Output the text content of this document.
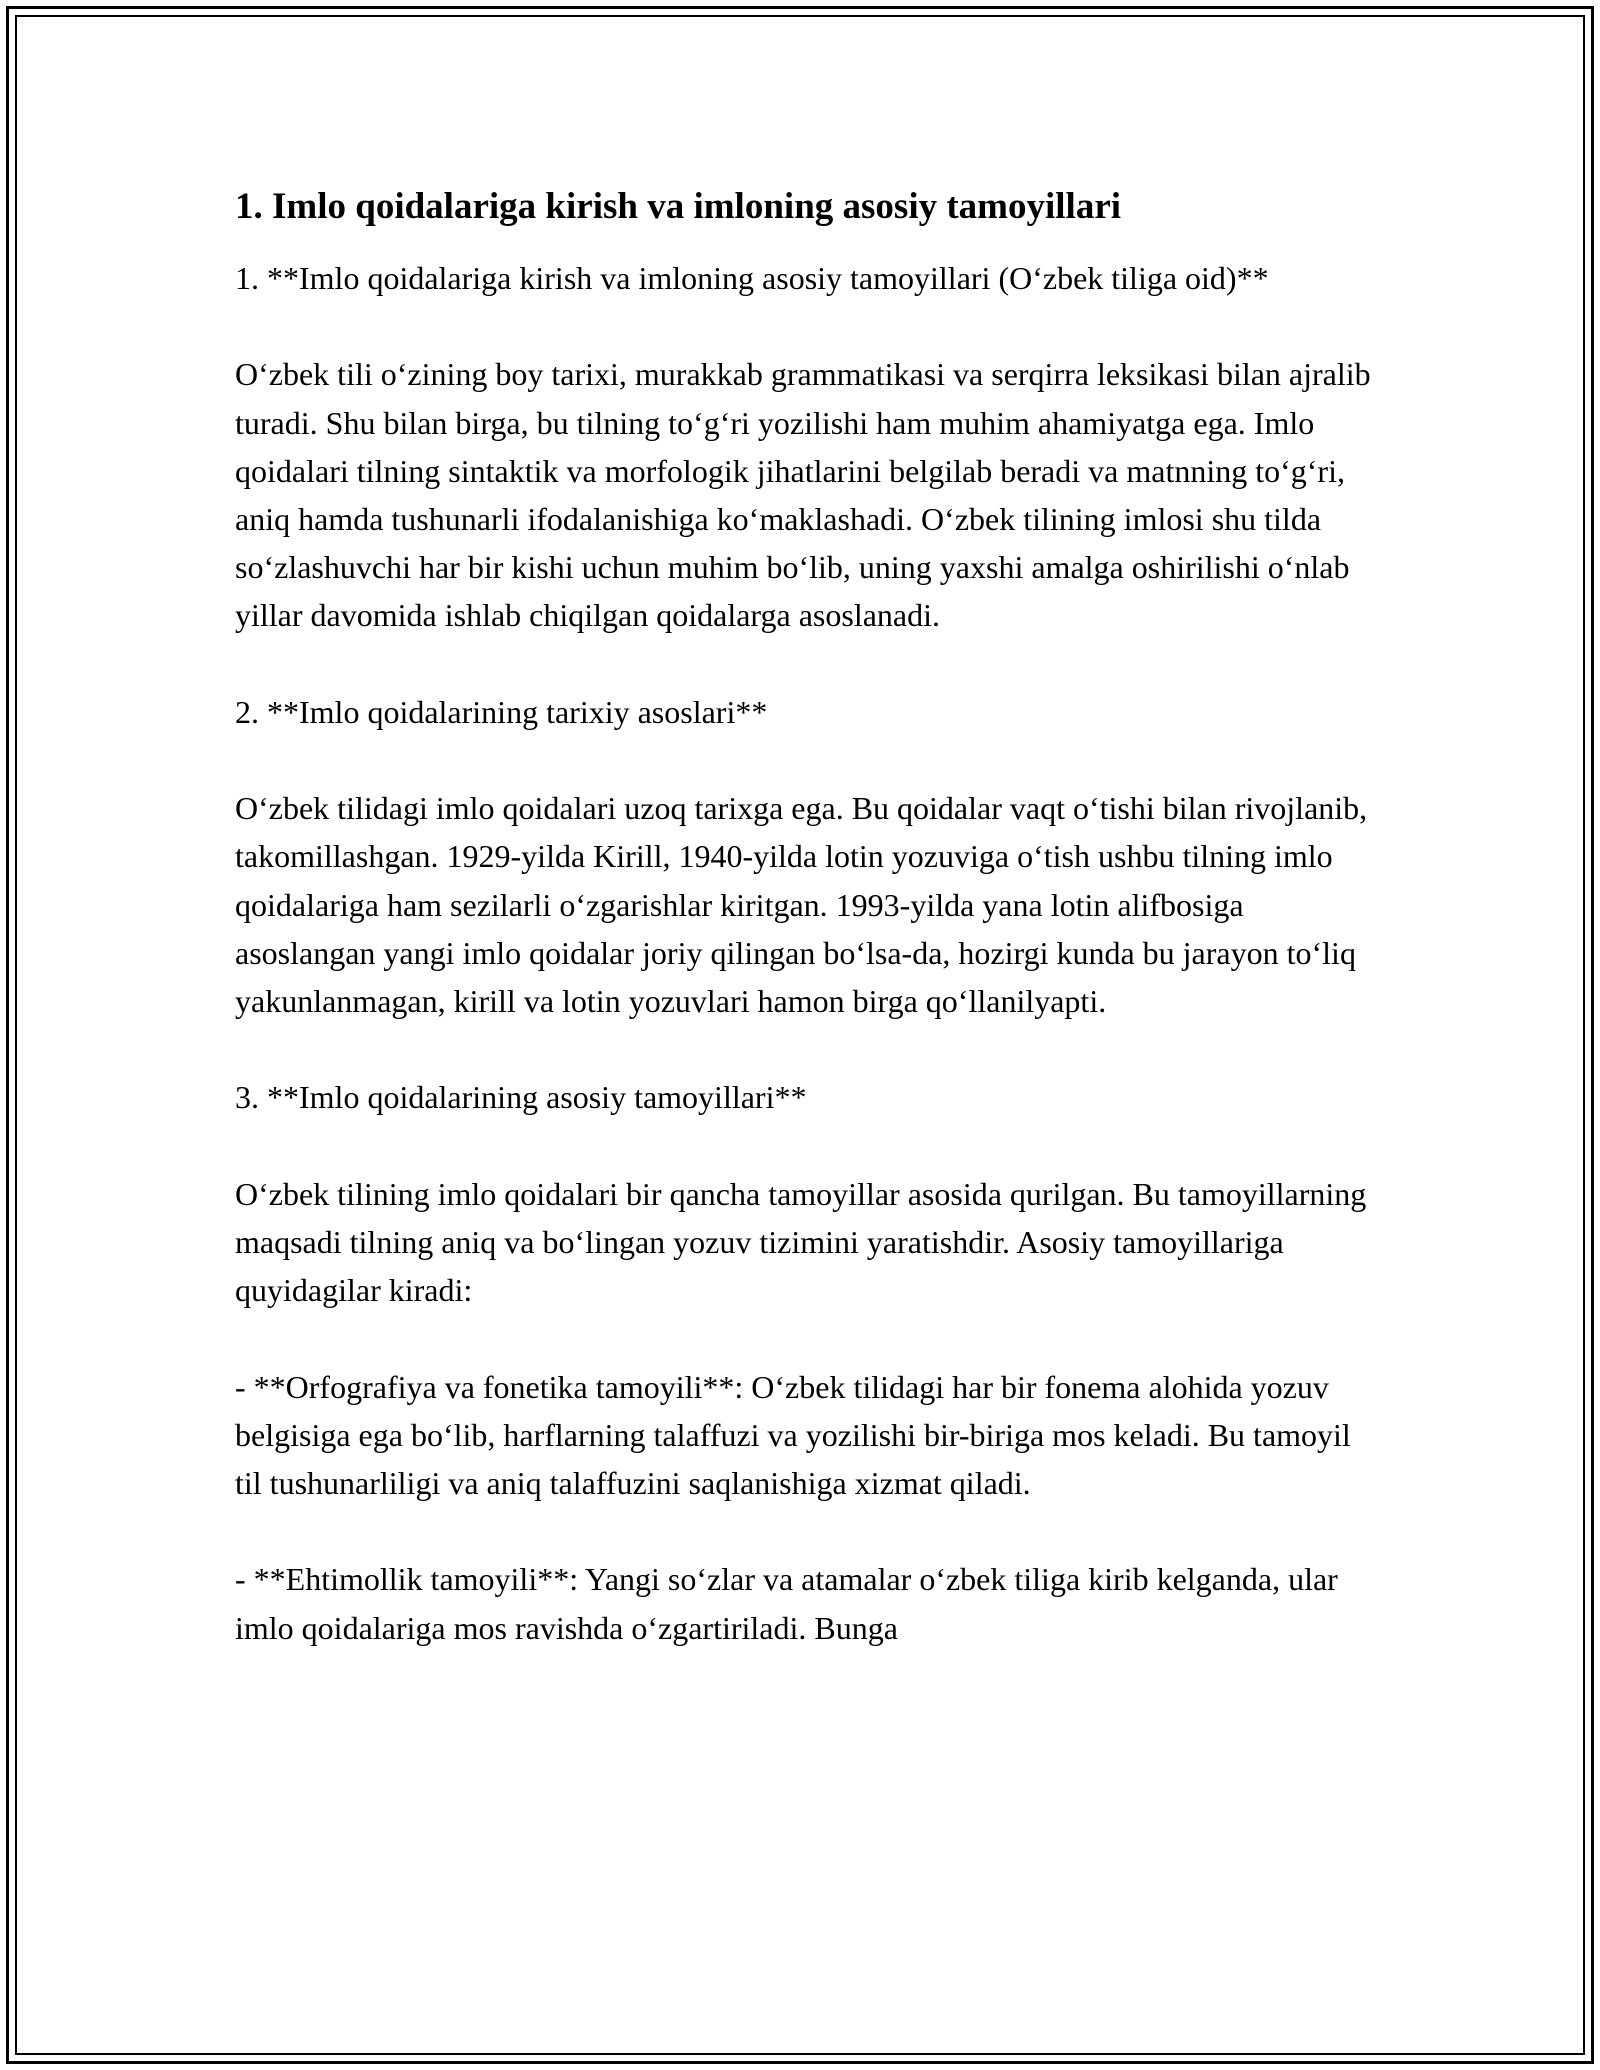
1. Imlo qoidalariga kirish va imloning asosiy tamoyillari

1. **Imlo qoidalariga kirish va imloning asosiy tamoyillari (O‘zbek tiliga oid)**

O‘zbek tili o‘zining boy tarixi, murakkab grammatikasi va serqirra leksikasi bilan ajralib turadi. Shu bilan birga, bu tilning to‘g‘ri yozilishi ham muhim ahamiyatga ega. Imlo qoidalari tilning sintaktik va morfologik jihatlarini belgilab beradi va matnning to‘g‘ri, aniq hamda tushunarli ifodalanishiga ko‘maklashadi. O‘zbek tilining imlosi shu tilda so‘zlashuvchi har bir kishi uchun muhim bo‘lib, uning yaxshi amalga oshirilishi o‘nlab yillar davomida ishlab chiqilgan qoidalarga asoslanadi.

2. **Imlo qoidalarining tarixiy asoslari**

O‘zbek tilidagi imlo qoidalari uzoq tarixga ega. Bu qoidalar vaqt o‘tishi bilan rivojlanib, takomillashgan. 1929-yilda Kirill, 1940-yilda lotin yozuviga o‘tish ushbu tilning imlo qoidalariga ham sezilarli o‘zgarishlar kiritgan. 1993-yilda yana lotin alifbosiga asoslangan yangi imlo qoidalar joriy qilingan bo‘lsa-da, hozirgi kunda bu jarayon to‘liq yakunlanmagan, kirill va lotin yozuvlari hamon birga qo‘llanilyapti.

3. **Imlo qoidalarining asosiy tamoyillari**

O‘zbek tilining imlo qoidalari bir qancha tamoyillar asosida qurilgan. Bu tamoyillarning maqsadi tilning aniq va bo‘lingan yozuv tizimini yaratishdir. Asosiy tamoyillariga quyidagilar kiradi:

- **Orfografiya va fonetika tamoyili**: O‘zbek tilidagi har bir fonema alohida yozuv belgisiga ega bo‘lib, harflarning talaffuzi va yozilishi bir-biriga mos keladi. Bu tamoyil til tushunarliligi va aniq talaffuzini saqlanishiga xizmat qiladi.

- **Ehtimollik tamoyili**: Yangi so‘zlar va atamalar o‘zbek tiliga kirib kelganda, ular imlo qoidalariga mos ravishda o‘zgartiriladi. Bunga
